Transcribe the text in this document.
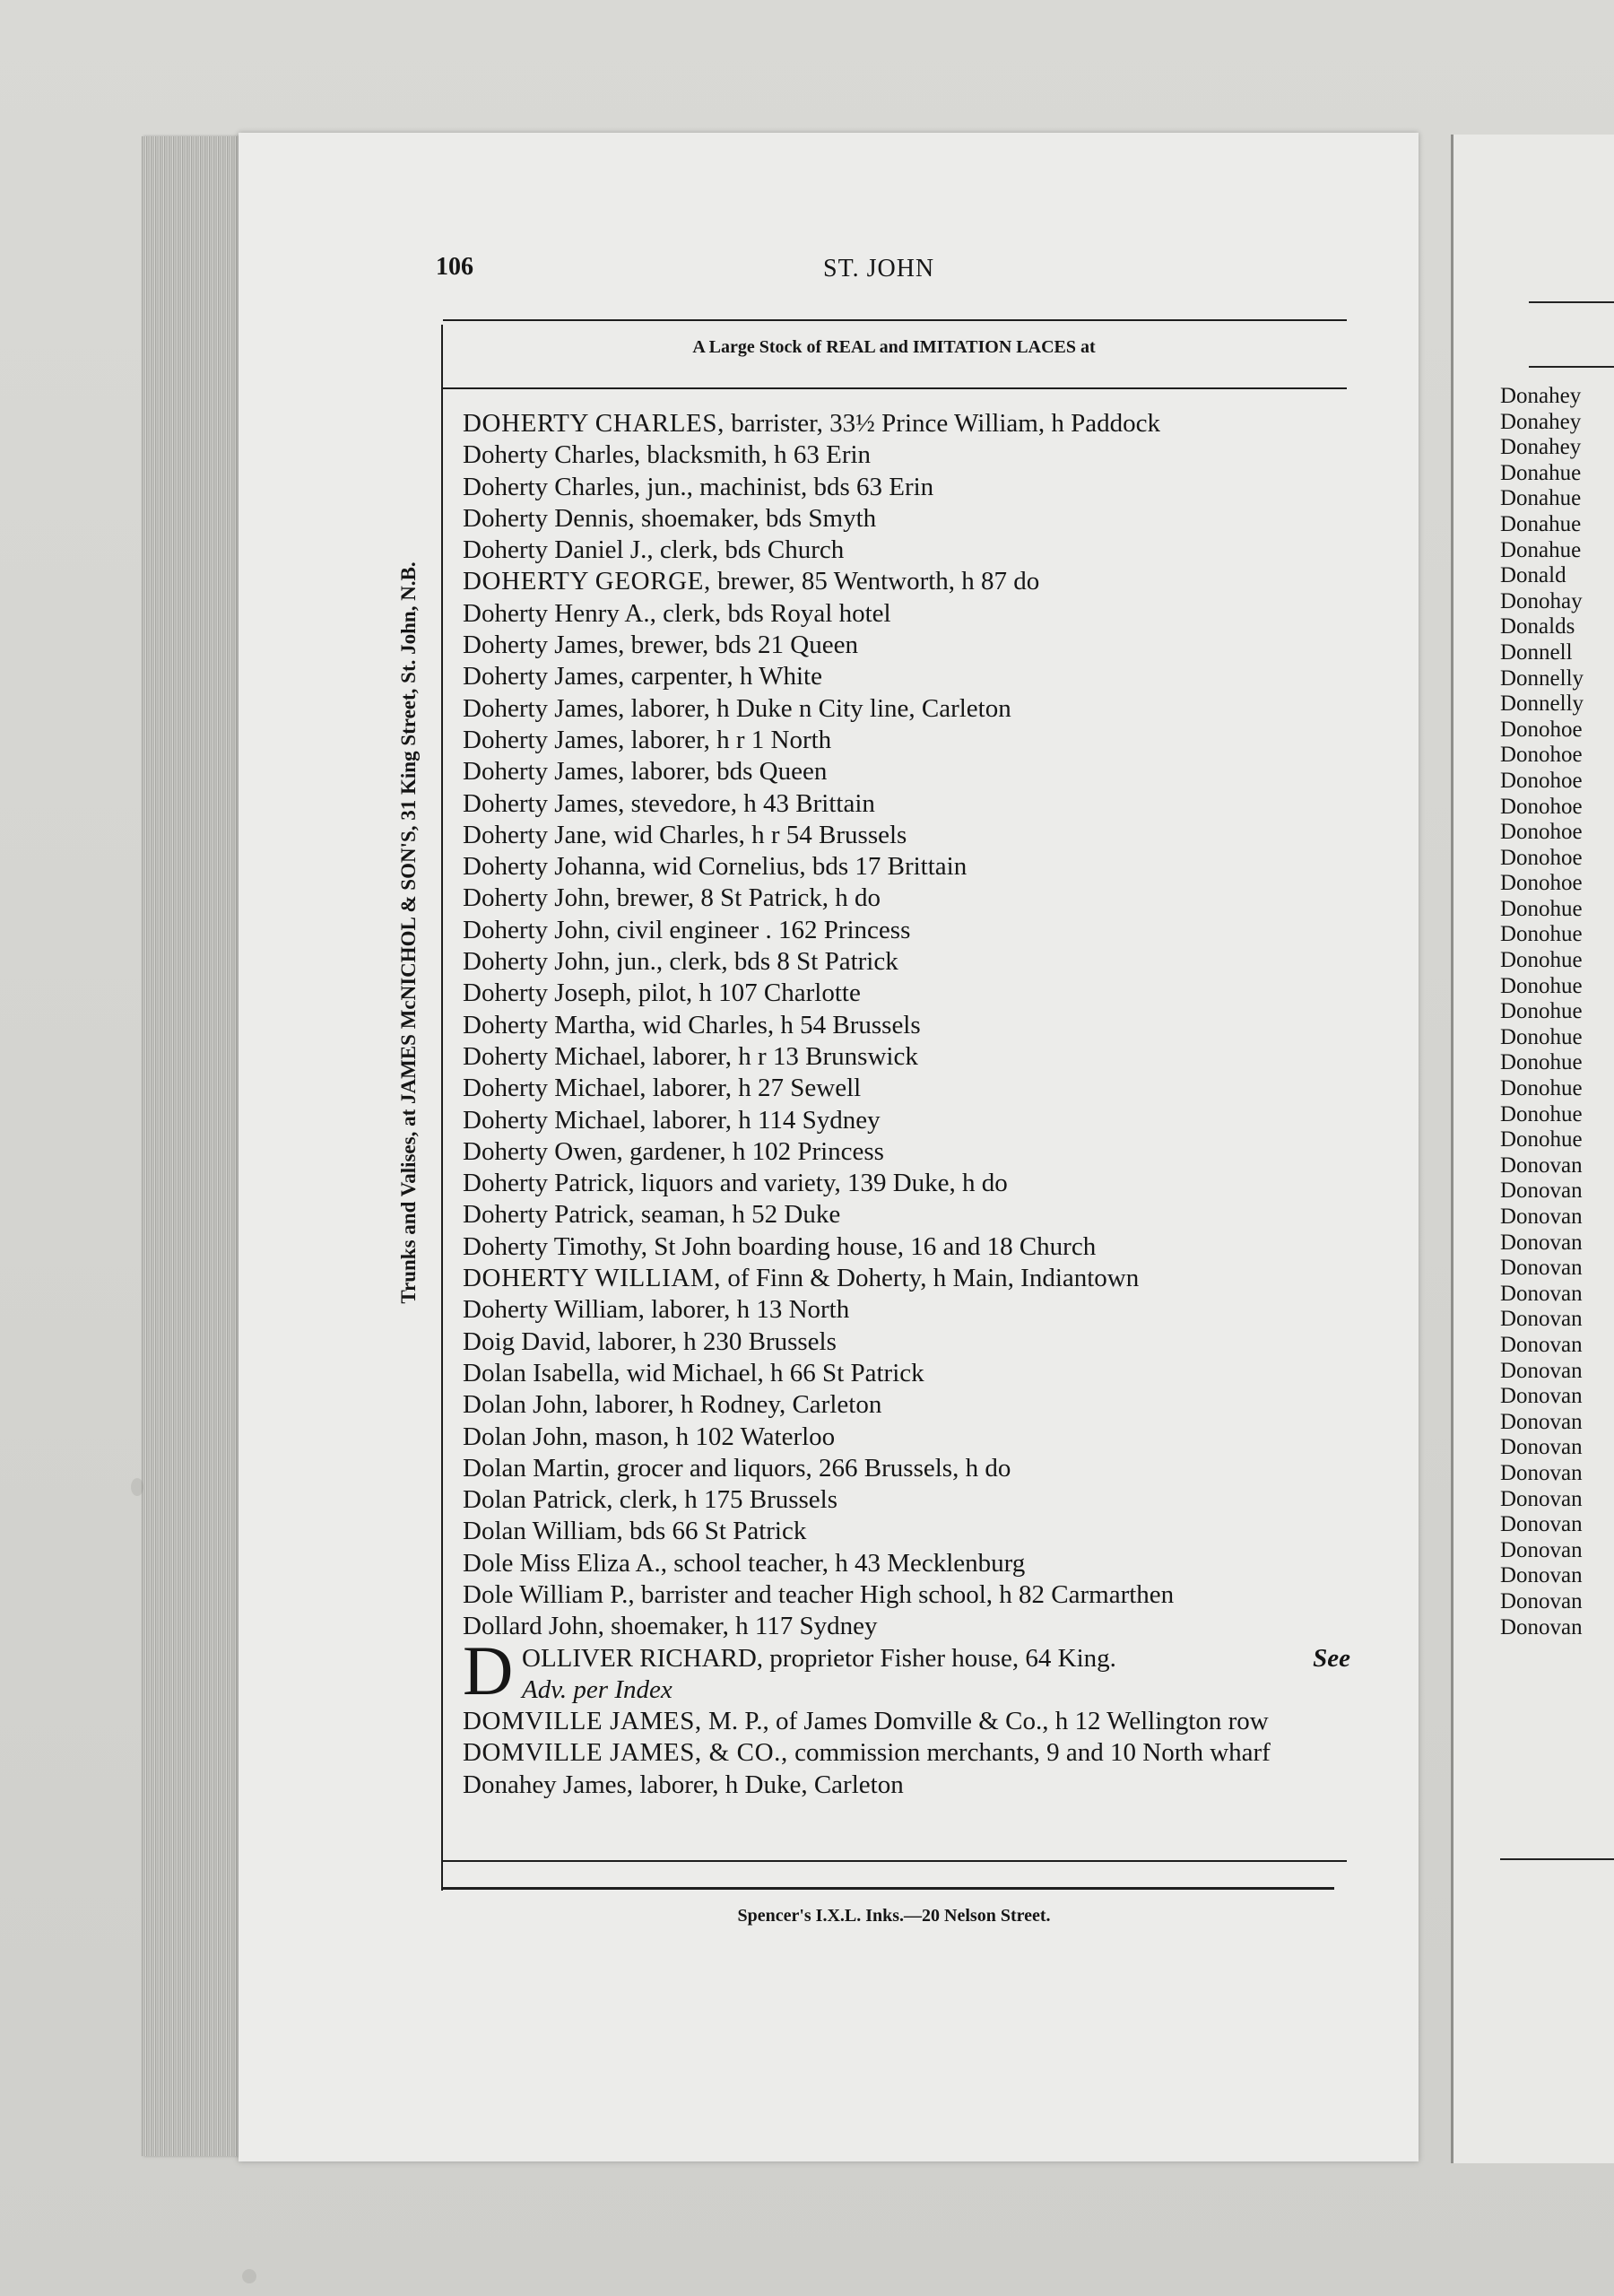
Donahey
Donahey
Donahey
Donahue
Donahue
Donahue
Donahue
Donald
Donohay
Donalds
Donnell
Donnelly
Donnelly
Donohoe
Donohoe
Donohoe
Donohoe
Donohoe
Donohoe
Donohoe
Donohue
Donohue
Donohue
Donohue
Donohue
Donohue
Donohue
Donohue
Donohue
Donohue
Donovan
Donovan
Donovan
Donovan
Donovan
Donovan
Donovan
Donovan
Donovan
Donovan
Donovan
Donovan
Donovan
Donovan
Donovan
Donovan
Donovan
Donovan
Donovan
106	ST. JOHN
A Large Stock of REAL and IMITATION LACES at
Trunks and Valises, at JAMES McNICHOL & SON'S, 31 King Street, St. John, N.B.
DOHERTY CHARLES, barrister, 33½ Prince William, h Paddock
Doherty Charles, blacksmith, h 63 Erin
Doherty Charles, jun., machinist, bds 63 Erin
Doherty Dennis, shoemaker, bds Smyth
Doherty Daniel J., clerk, bds Church
DOHERTY GEORGE, brewer, 85 Wentworth, h 87 do
Doherty Henry A., clerk, bds Royal hotel
Doherty James, brewer, bds 21 Queen
Doherty James, carpenter, h White
Doherty James, laborer, h Duke n City line, Carleton
Doherty James, laborer, h r 1 North
Doherty James, laborer, bds Queen
Doherty James, stevedore, h 43 Brittain
Doherty Jane, wid Charles, h r 54 Brussels
Doherty Johanna, wid Cornelius, bds 17 Brittain
Doherty John, brewer, 8 St Patrick, h do
Doherty John, civil engineer . 162 Princess
Doherty John, jun., clerk, bds 8 St Patrick
Doherty Joseph, pilot, h 107 Charlotte
Doherty Martha, wid Charles, h 54 Brussels
Doherty Michael, laborer, h r 13 Brunswick
Doherty Michael, laborer, h 27 Sewell
Doherty Michael, laborer, h 114 Sydney
Doherty Owen, gardener, h 102 Princess
Doherty Patrick, liquors and variety, 139 Duke, h do
Doherty Patrick, seaman, h 52 Duke
Doherty Timothy, St John boarding house, 16 and 18 Church
DOHERTY WILLIAM, of Finn & Doherty, h Main, Indiantown
Doherty William, laborer, h 13 North
Doig David, laborer, h 230 Brussels
Dolan Isabella, wid Michael, h 66 St Patrick
Dolan John, laborer, h Rodney, Carleton
Dolan John, mason, h 102 Waterloo
Dolan Martin, grocer and liquors, 266 Brussels, h do
Dolan Patrick, clerk, h 175 Brussels
Dolan William, bds 66 St Patrick
Dole Miss Eliza A., school teacher, h 43 Mecklenburg
Dole William P., barrister and teacher High school, h 82 Carmarthen
Dollard John, shoemaker, h 117 Sydney
D OLLIVER RICHARD, proprietor Fisher house, 64 King.	See
Adv. per Index
DOMVILLE JAMES, M. P., of James Domville & Co., h 12 Wellington row
DOMVILLE JAMES, & CO., commission merchants, 9 and 10 North wharf
Donahey James, laborer, h Duke, Carleton
Spencer's I.X.L. Inks.—20 Nelson Street.
